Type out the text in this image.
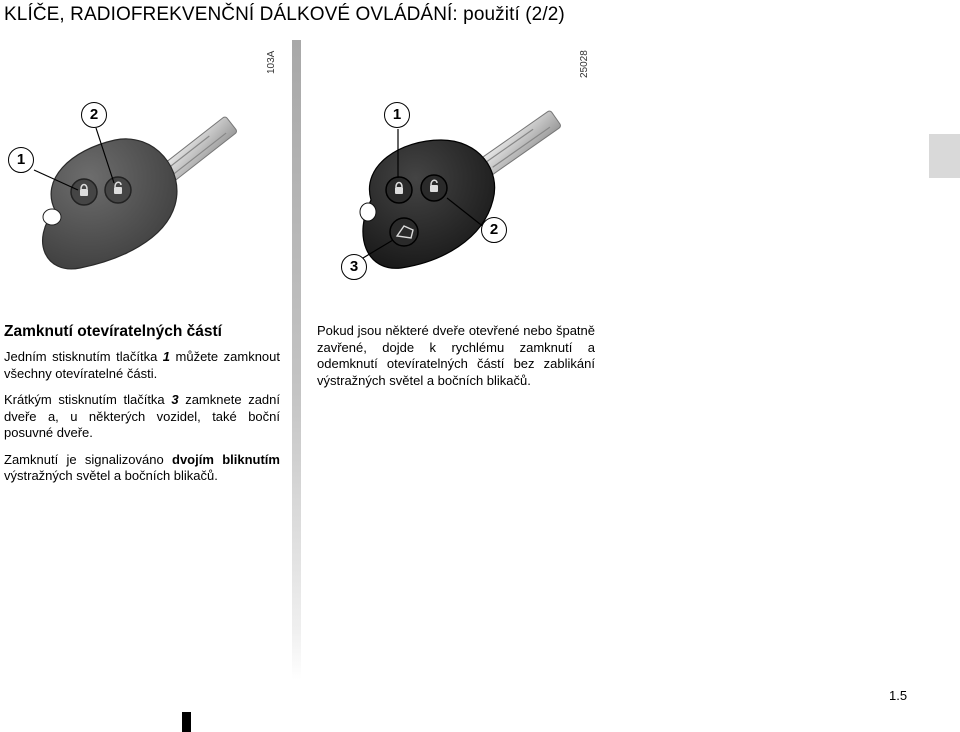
KLÍČE, RADIOFREKVENČNÍ DÁLKOVÉ OVLÁDÁNÍ: použití (2/2)
1
2
103A
1
2
3
25028
Zamknutí otevíratelných částí

Jedním stisknutím tlačítka 1 můžete zamknout všechny otevíratelné části.

Krátkým stisknutím tlačítka 3 zamknete zadní dveře a, u některých vozidel, také boční posuvné dveře.

Zamknutí je signalizováno dvojím bliknutím výstražných světel a bočních blikačů.

Pokud jsou některé dveře otevřené nebo špatně zavřené, dojde k rychlému zamknutí a odemknutí otevíratelných částí bez zablikání výstražných světel a bočních blikačů.

1.5
